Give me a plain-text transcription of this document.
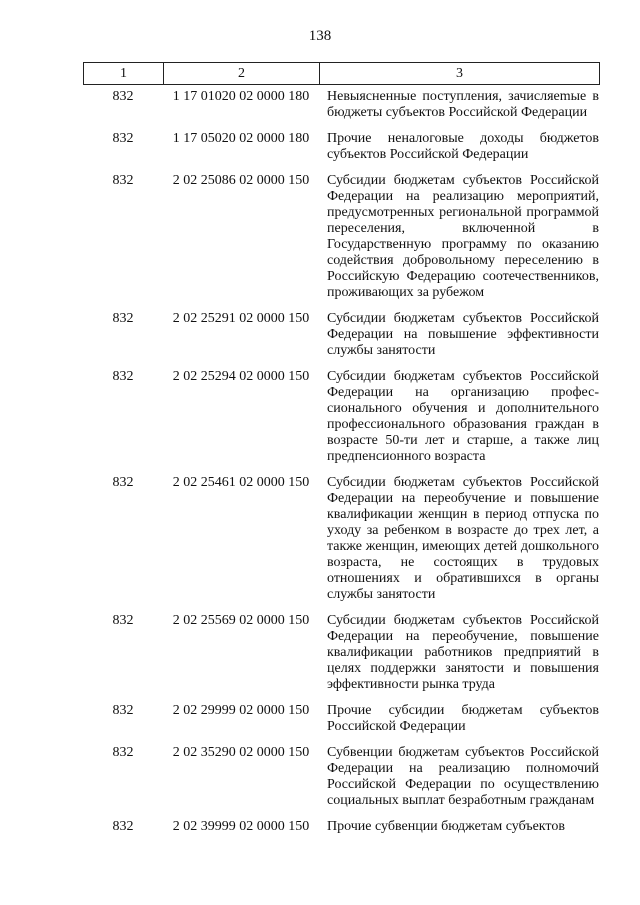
138
1	2	3
832	1 17 01020 02 0000 180	Невыясненные поступления, зачисляеmые в бюджеты субъектов Российской Федерации
832	1 17 05020 02 0000 180	Прочие неналоговые доходы бюджетов субъектов Российской Федерации
832	2 02 25086 02 0000 150	Субсидии бюджетам субъектов Российской Федерации на реализацию мероприятий, предусмотренных региональной программой переселения, включенной в Государственную программу по оказанию содействия добровольному переселению в Российскую Федерацию соотечественников, проживающих за рубежом
832	2 02 25291 02 0000 150	Субсидии бюджетам субъектов Российской Федерации на повышение эффективности службы занятости
832	2 02 25294 02 0000 150	Субсидии бюджетам субъектов Российской Федерации на организацию профессионального обучения и дополнительного профессионального образования граждан в возрасте 50-ти лет и старше, а также лиц предпенсионного возраста
832	2 02 25461 02 0000 150	Субсидии бюджетам субъектов Российской Федерации на переобучение и повышение квалификации женщин в период отпуска по уходу за ребенком в возрасте до трех лет, а также женщин, имеющих детей дошкольного возраста, не состоящих в трудовых отношениях и обратившихся в органы службы занятости
832	2 02 25569 02 0000 150	Субсидии бюджетам субъектов Российской Федерации на переобучение, повышение квалификации работников предприятий в целях поддержки занятости и повышения эффективности рынка труда
832	2 02 29999 02 0000 150	Прочие субсидии бюджетам субъектов Российской Федерации
832	2 02 35290 02 0000 150	Субвенции бюджетам субъектов Российской Федерации на реализацию полномочий Российской Федерации по осуществлению социальных выплат безработным гражданам
832	2 02 39999 02 0000 150	Прочие субвенции бюджетам субъектов
